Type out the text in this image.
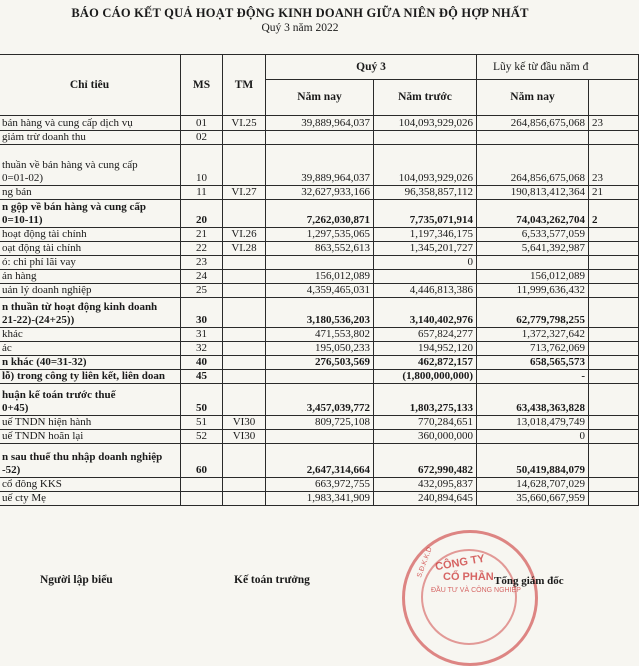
BÁO CÁO KẾT QUẢ HOẠT ĐỘNG KINH DOANH GIỮA NIÊN ĐỘ HỢP NHẤT
Quý 3 năm 2022
Chỉ tiêu	MS	TM	Quý 3		Lũy kế từ đầu năm đ	
			Năm nay	Năm trước	Năm nay	
bán hàng và cung cấp dịch vụ	01	VI.25	39,889,964,037	104,093,929,026	264,856,675,068	23
giảm trừ doanh thu	02					

thuần về bán hàng và cung cấp
0=01-02)	10		39,889,964,037	104,093,929,026	264,856,675,068	23
ng bán	11	VI.27	32,627,933,166	96,358,857,112	190,813,412,364	21

n gộp về bán hàng và cung cấp
0=10-11)	20		7,262,030,871	7,735,071,914	74,043,262,704	2
hoạt động tài chính	21	VI.26	1,297,535,065	1,197,346,175	6,533,577,059	
oạt động tài chính	22	VI.28	863,552,613	1,345,201,727	5,641,392,987	
ó: chi phí lãi vay	23			0		
án hàng	24		156,012,089		156,012,089	
uản lý doanh nghiệp	25		4,359,465,031	4,446,813,386	11,999,636,432	

n thuần từ hoạt động kinh doanh
21-22)-(24+25))	30		3,180,536,203	3,140,402,976	62,779,798,255	
khác	31		471,553,802	657,824,277	1,372,327,642	
ác	32		195,050,233	194,952,120	713,762,069	
n khác (40=31-32)	40		276,503,569	462,872,157	658,565,573	
lỗ) trong công ty liên kết, liên doan	45			(1,800,000,000)	-	

huận kế toán trước thuế
0+45)	50		3,457,039,772	1,803,275,133	63,438,363,828	
uế TNDN hiện hành	51	VI30	809,725,108	770,284,651	13,018,479,749	
uế TNDN hoãn lại	52	VI30		360,000,000	0	

n sau thuế thu nhập doanh nghiệp
-52)	60		2,647,314,664	672,990,482	50,419,884,079	
cổ đông KKS			663,972,755	432,095,837	14,628,707,029	
uế cty Mẹ			1,983,341,909	240,894,645	35,660,667,959	
Người lập biểu	Kế toán trưởng
CÔNG TY
CỔ PHẦN
ĐẦU TƯ VÀ CÔNG NGHIỆP
S.Đ.K.K.D
Tổng giám đốc
